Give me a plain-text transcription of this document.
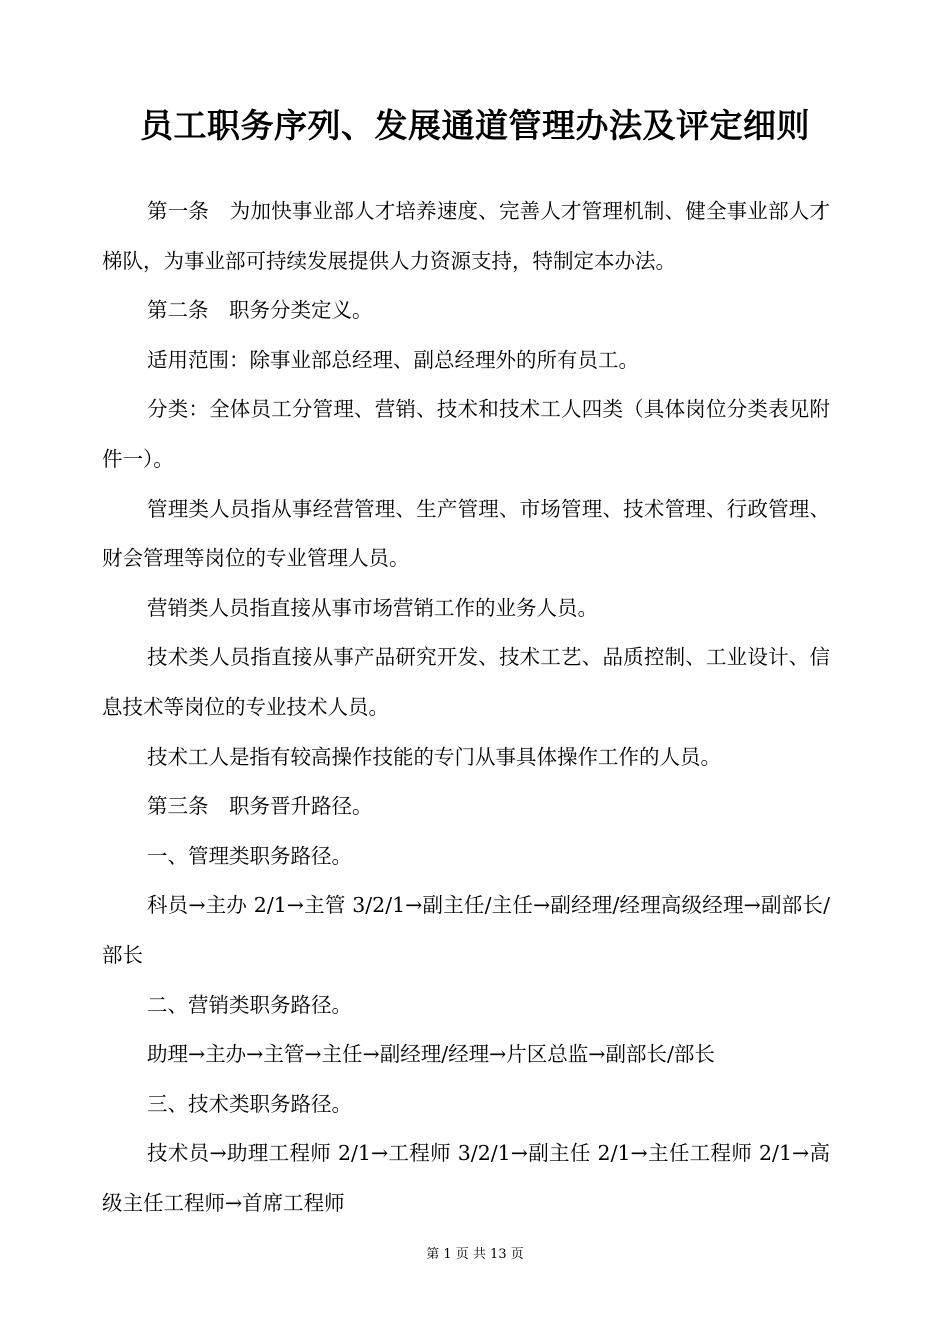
员工职务序列、发展通道管理办法及评定细则

第一条　为加快事业部人才培养速度、完善人才管理机制、健全事业部人才梯队，为事业部可持续发展提供人力资源支持，特制定本办法。

第二条　职务分类定义。

适用范围：除事业部总经理、副总经理外的所有员工。

分类：全体员工分管理、营销、技术和技术工人四类（具体岗位分类表见附件一）。

管理类人员指从事经营管理、生产管理、市场管理、技术管理、行政管理、财会管理等岗位的专业管理人员。

营销类人员指直接从事市场营销工作的业务人员。

技术类人员指直接从事产品研究开发、技术工艺、品质控制、工业设计、信息技术等岗位的专业技术人员。

技术工人是指有较高操作技能的专门从事具体操作工作的人员。

第三条　职务晋升路径。

一、管理类职务路径。

科员→主办 2/1→主管 3/2/1→副主任/主任→副经理/经理高级经理→副部长/部长

二、营销类职务路径。

助理→主办→主管→主任→副经理/经理→片区总监→副部长/部长

三、技术类职务路径。

技术员→助理工程师 2/1→工程师 3/2/1→副主任 2/1→主任工程师 2/1→高级主任工程师→首席工程师

第 1 页 共 13 页
